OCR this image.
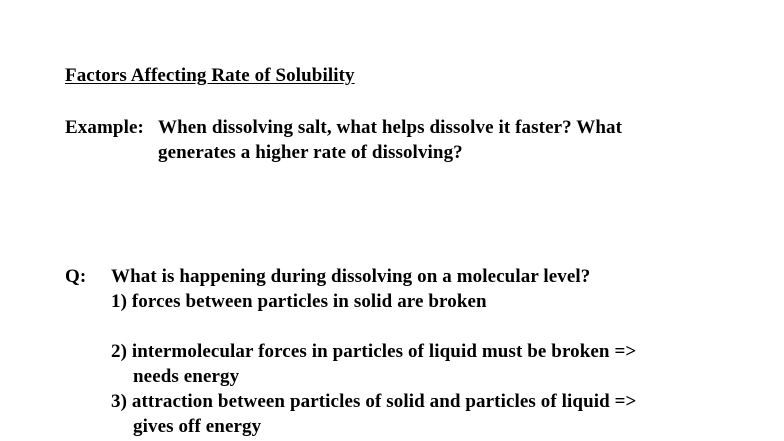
Factors Affecting Rate of Solubility
Example: When dissolving salt, what helps dissolve it faster? What
generates a higher rate of dissolving?
Q: What is happening during dissolving on a molecular level?
1) forces between particles in solid are broken
2) intermolecular forces in particles of liquid must be broken =>
needs energy
3) attraction between particles of solid and particles of liquid =>
gives off energy
